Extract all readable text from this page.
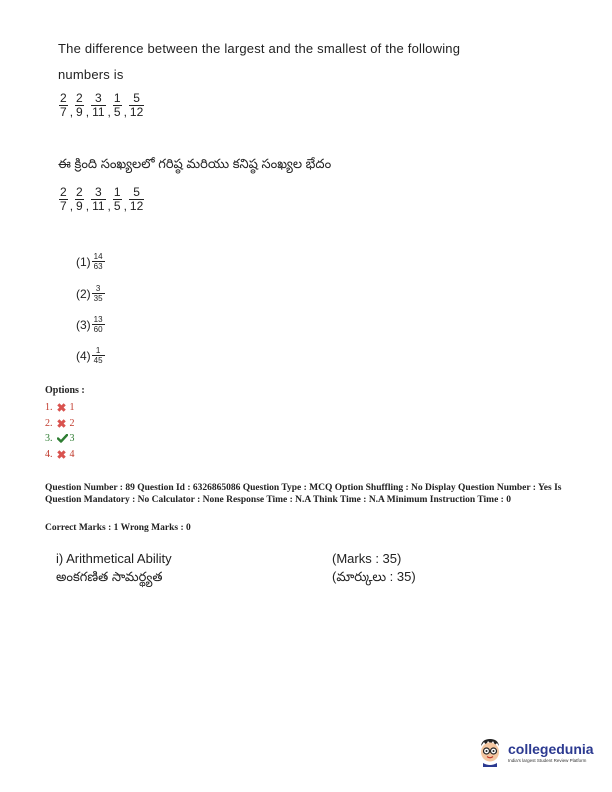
The difference between the largest and the smallest of the following numbers is
$\frac{2}{7}$ , $\frac{2}{9}$ , $\frac{3}{11}$ , $\frac{1}{5}$ , $\frac{5}{12}$
ఈ క్రింది సంఖ్యలలో గరిష్ఠ మరియు కనిష్ఠ సంఖ్యల భేదం
$\frac{2}{7}$ , $\frac{2}{9}$ , $\frac{3}{11}$ , $\frac{1}{5}$ , $\frac{5}{12}$
$(1) \frac{14}{63}$
$(2) \frac{3}{35}$
$(3) \frac{13}{60}$
$(4) \frac{1}{45}$
Options :
1. 1
2. 2
3. 3
4. 4
Question Number : 89 Question Id : 6326865086 Question Type : MCQ Option Shuffling : No Display Question Number : Yes Is Question Mandatory : No Calculator : None Response Time : N.A Think Time : N.A Minimum Instruction Time : 0
Correct Marks : 1 Wrong Marks : 0
i) Arithmetical Ability
అంకగణిత సామర్థ్యత
(Marks : 35)
(మార్కులు : 35)
collegedunia
India's largest Student Review Platform
